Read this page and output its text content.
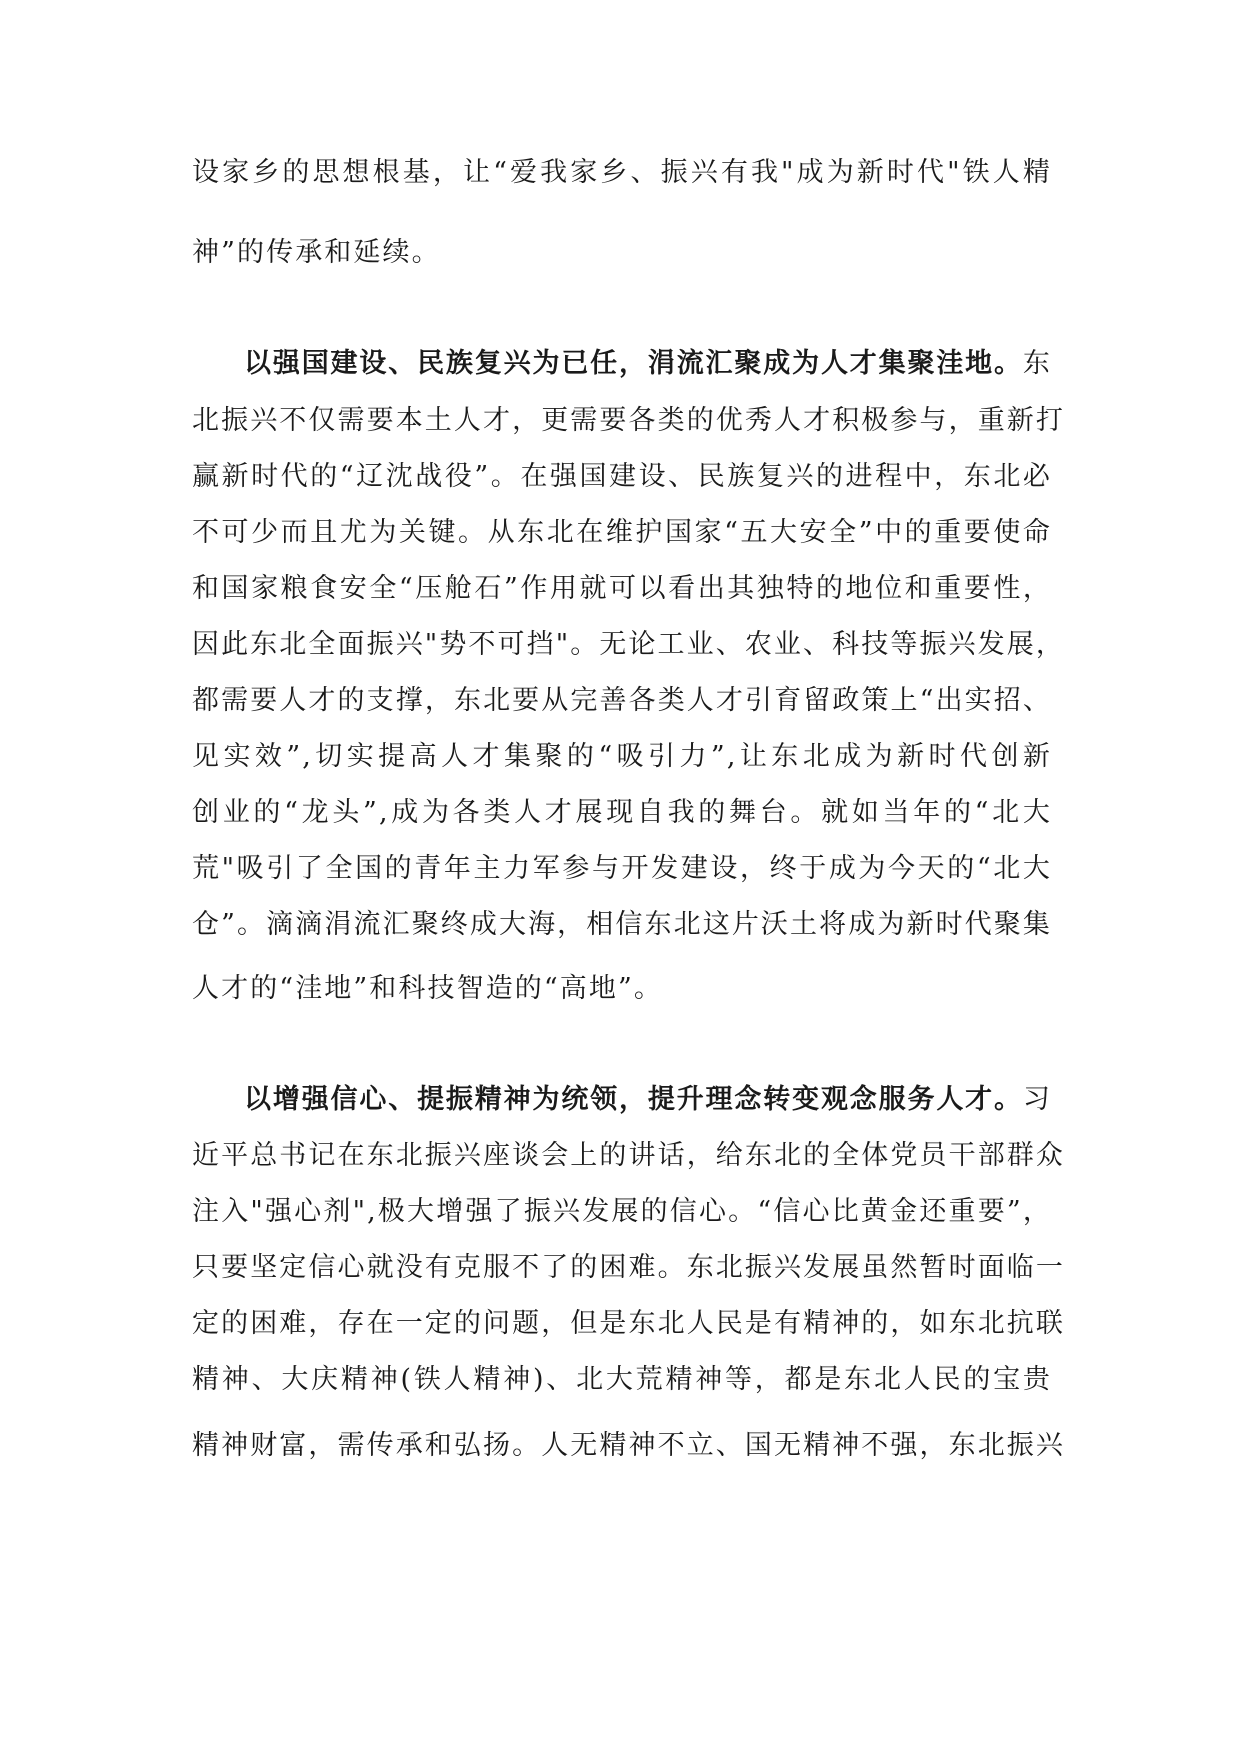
设家乡的思想根基，让“爱我家乡、振兴有我"成为新时代"铁人精
神”的传承和延续。
以强国建设、民族复兴为已任，涓流汇聚成为人才集聚洼地。东
北振兴不仅需要本土人才，更需要各类的优秀人才积极参与，重新打
赢新时代的“辽沈战役”。在强国建设、民族复兴的进程中，东北必
不可少而且尤为关键。从东北在维护国家“五大安全”中的重要使命
和国家粮食安全“压舱石”作用就可以看出其独特的地位和重要性，
因此东北全面振兴"势不可挡"。无论工业、农业、科技等振兴发展，
都需要人才的支撑，东北要从完善各类人才引育留政策上“出实招、
见实效”,切实提高人才集聚的“吸引力”,让东北成为新时代创新
创业的“龙头”,成为各类人才展现自我的舞台。就如当年的“北大
荒"吸引了全国的青年主力军参与开发建设，终于成为今天的“北大
仓”。滴滴涓流汇聚终成大海，相信东北这片沃土将成为新时代聚集
人才的“洼地”和科技智造的“高地”。
以增强信心、提振精神为统领，提升理念转变观念服务人才。习
近平总书记在东北振兴座谈会上的讲话，给东北的全体党员干部群众
注入"强心剂",极大增强了振兴发展的信心。“信心比黄金还重要”，
只要坚定信心就没有克服不了的困难。东北振兴发展虽然暂时面临一
定的困难，存在一定的问题，但是东北人民是有精神的，如东北抗联
精神、大庆精神(铁人精神)、北大荒精神等，都是东北人民的宝贵
精神财富，需传承和弘扬。人无精神不立、国无精神不强，东北振兴
